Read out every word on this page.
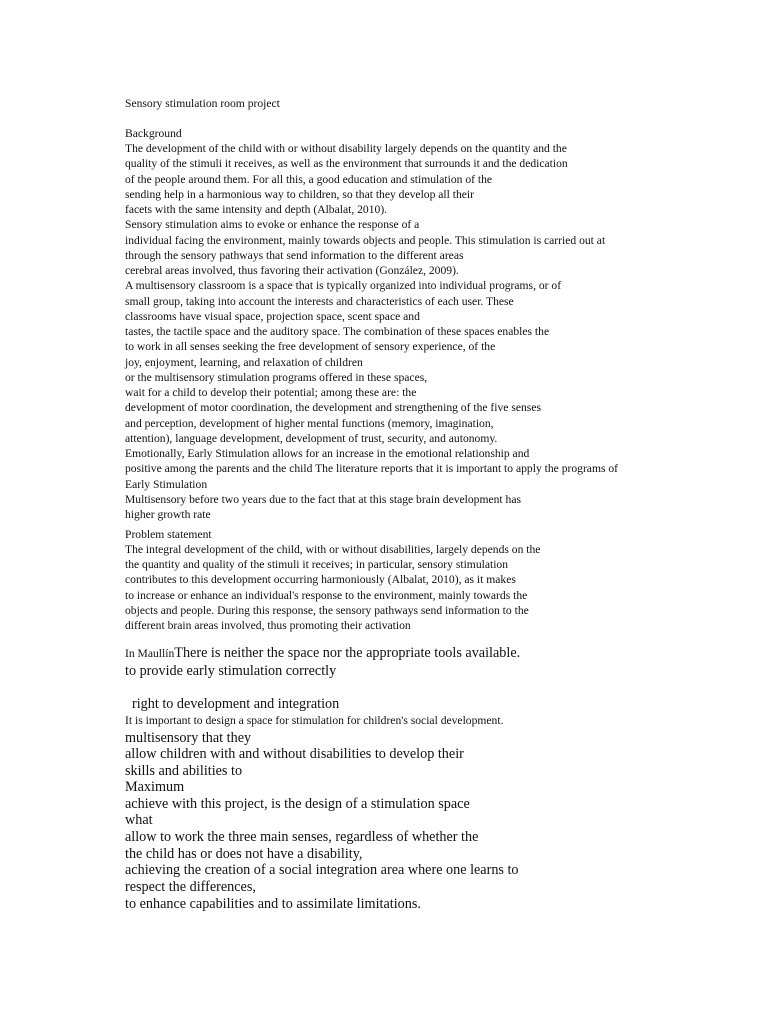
Sensory stimulation room project
Background
The development of the child with or without disability largely depends on the quantity and the
quality of the stimuli it receives, as well as the environment that surrounds it and the dedication
of the people around them. For all this, a good education and stimulation of the
sending help in a harmonious way to children, so that they develop all their
facets with the same intensity and depth (Albalat, 2010).
Sensory stimulation aims to evoke or enhance the response of a
individual facing the environment, mainly towards objects and people. This stimulation is carried out at
through the sensory pathways that send information to the different areas
cerebral areas involved, thus favoring their activation (González, 2009).
A multisensory classroom is a space that is typically organized into individual programs, or of
small group, taking into account the interests and characteristics of each user. These
classrooms have visual space, projection space, scent space and
tastes, the tactile space and the auditory space. The combination of these spaces enables the
to work in all senses seeking the free development of sensory experience, of the
joy, enjoyment, learning, and relaxation of children
or the multisensory stimulation programs offered in these spaces,
wait for a child to develop their potential; among these are: the
development of motor coordination, the development and strengthening of the five senses
and perception, development of higher mental functions (memory, imagination,
attention), language development, development of trust, security, and autonomy.
Emotionally, Early Stimulation allows for an increase in the emotional relationship and
positive among the parents and the child The literature reports that it is important to apply the programs of
Early Stimulation
Multisensory before two years due to the fact that at this stage brain development has
higher growth rate
Problem statement
The integral development of the child, with or without disabilities, largely depends on the
the quantity and quality of the stimuli it receives; in particular, sensory stimulation
contributes to this development occurring harmoniously (Albalat, 2010), as it makes
to increase or enhance an individual's response to the environment, mainly towards the
objects and people. During this response, the sensory pathways send information to the
different brain areas involved, thus promoting their activation
In MaullínThere is neither the space nor the appropriate tools available.
to provide early stimulation correctly
right to development and integration
It is important to design a space for stimulation for children's social development.
multisensory that they
allow children with and without disabilities to develop their
skills and abilities to
Maximum
achieve with this project, is the design of a stimulation space
what
allow to work the three main senses, regardless of whether the
the child has or does not have a disability,
achieving the creation of a social integration area where one learns to
respect the differences,
to enhance capabilities and to assimilate limitations.
